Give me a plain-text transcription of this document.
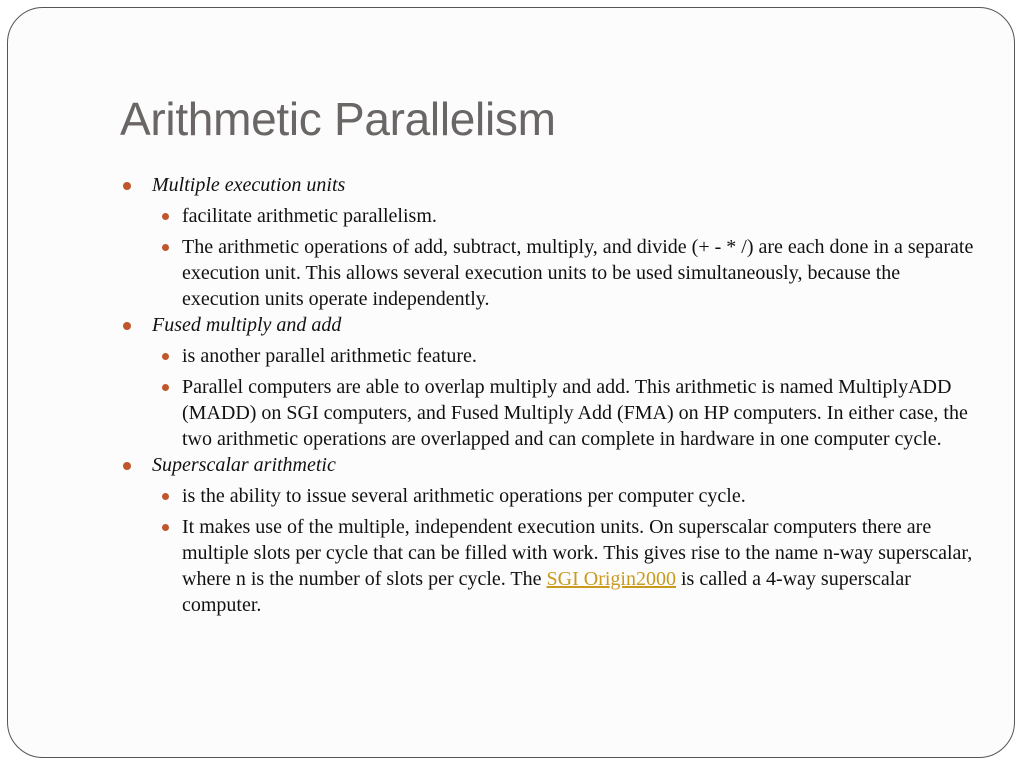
Arithmetic Parallelism
Multiple execution units
facilitate arithmetic parallelism.
The arithmetic operations of add, subtract, multiply, and divide (+ - * /) are each done in a separate execution unit. This allows several execution units to be used simultaneously, because the execution units operate independently.
Fused multiply and add
is another parallel arithmetic feature.
Parallel computers are able to overlap multiply and add. This arithmetic is named MultiplyADD (MADD) on SGI computers, and Fused Multiply Add (FMA) on HP computers. In either case, the two arithmetic operations are overlapped and can complete in hardware in one computer cycle.
Superscalar arithmetic
is the ability to issue several arithmetic operations per computer cycle.
It makes use of the multiple, independent execution units. On superscalar computers there are multiple slots per cycle that can be filled with work. This gives rise to the name n-way superscalar, where n is the number of slots per cycle. The SGI Origin2000 is called a 4-way superscalar computer.
